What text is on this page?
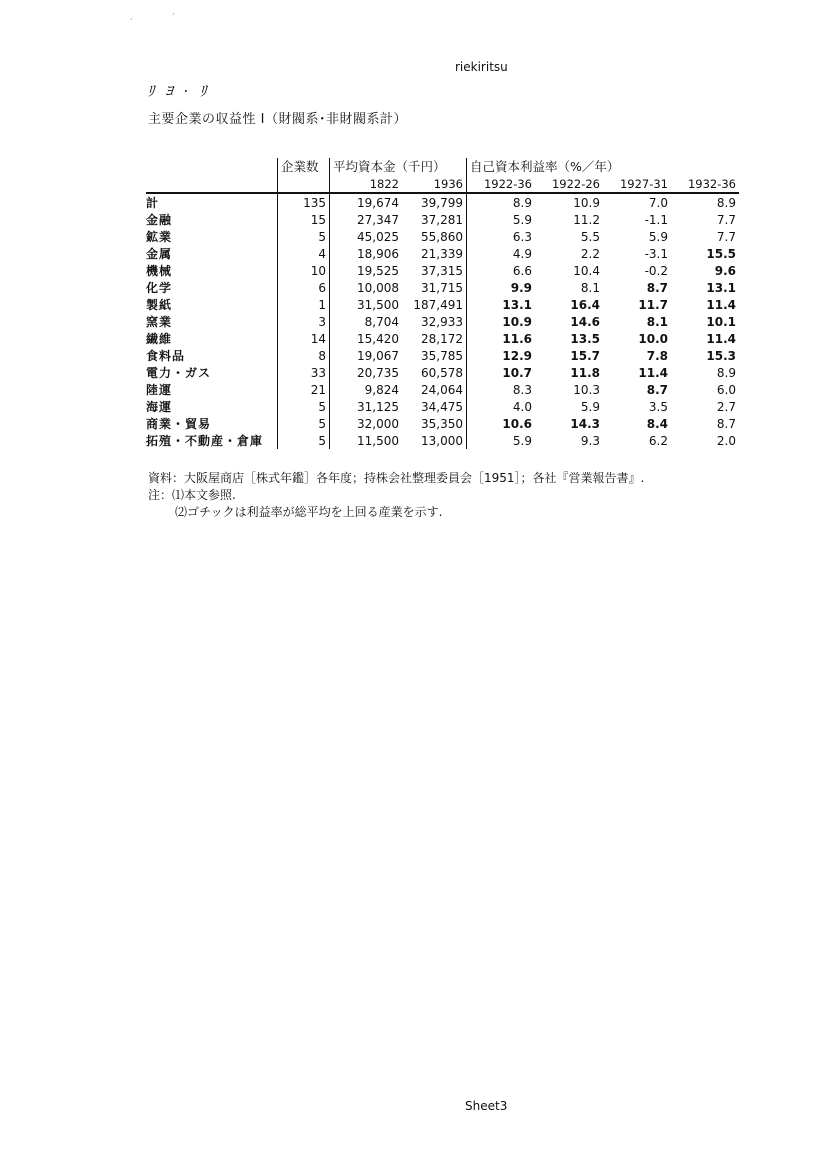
·
·
riekiritsu
ﾘ ﾖ · ﾘ
主要企業の収益性 I（財閥系･非財閥系計）
	企業数	平均資本金（千円）		自己資本利益率（%／年）			
		1822	1936	1922-36	1922-26	1927-31	1932-36
計	135	19,674	39,799	8.9	10.9	7.0	8.9
金融	15	27,347	37,281	5.9	11.2	-1.1	7.7
鉱業	5	45,025	55,860	6.3	5.5	5.9	7.7
金属	4	18,906	21,339	4.9	2.2	-3.1	15.5
機械	10	19,525	37,315	6.6	10.4	-0.2	9.6
化学	6	10,008	31,715	9.9	8.1	8.7	13.1
製紙	1	31,500	187,491	13.1	16.4	11.7	11.4
窯業	3	8,704	32,933	10.9	14.6	8.1	10.1
繊維	14	15,420	28,172	11.6	13.5	10.0	11.4
食料品	8	19,067	35,785	12.9	15.7	7.8	15.3
電力・ガス	33	20,735	60,578	10.7	11.8	11.4	8.9
陸運	21	9,824	24,064	8.3	10.3	8.7	6.0
海運	5	31,125	34,475	4.0	5.9	3.5	2.7
商業・貿易	5	32,000	35,350	10.6	14.3	8.4	8.7
拓殖・不動産・倉庫	5	11,500	13,000	5.9	9.3	6.2	2.0
資料：大阪屋商店［株式年鑑］各年度；持株会社整理委員会［1951］；各社『営業報告書』.
注：⑴本文参照.
⑵ゴチックは利益率が総平均を上回る産業を示す.
Sheet3
